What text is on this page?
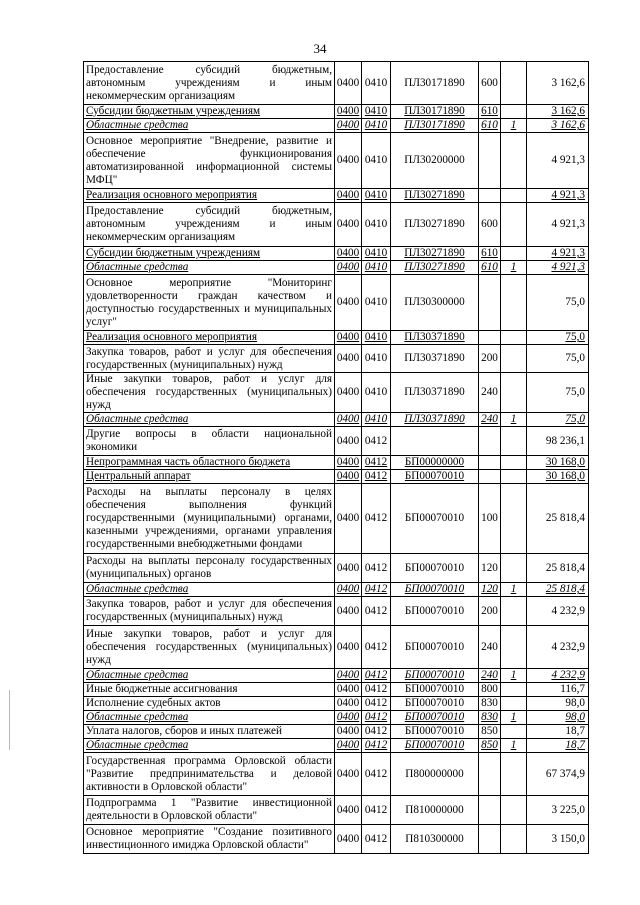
34
Предоставление субсидий бюджетным, автономным учреждениям и иным некоммерческим организациям	0400	0410	ПЛ30171890	600		3 162,6
Субсидии бюджетным учреждениям	0400	0410	ПЛ30171890	610		3 162,6
Областные средства	0400	0410	ПЛ30171890	610	1	3 162,6
Основное мероприятие "Внедрение, развитие и обеспечение функционирования автоматизированной информационной системы МФЦ"	0400	0410	ПЛ30200000			4 921,3
Реализация основного мероприятия	0400	0410	ПЛ30271890			4 921,3
Предоставление субсидий бюджетным, автономным учреждениям и иным некоммерческим организациям	0400	0410	ПЛ30271890	600		4 921,3
Субсидии бюджетным учреждениям	0400	0410	ПЛ30271890	610		4 921,3
Областные средства	0400	0410	ПЛ30271890	610	1	4 921,3
Основное мероприятие "Мониторинг удовлетворенности граждан качеством и доступностью государственных и муниципальных услуг"	0400	0410	ПЛ30300000			75,0
Реализация основного мероприятия	0400	0410	ПЛ30371890			75,0
Закупка товаров, работ и услуг для обеспечения государственных (муниципальных) нужд	0400	0410	ПЛ30371890	200		75,0
Иные закупки товаров, работ и услуг для обеспечения государственных (муниципальных) нужд	0400	0410	ПЛ30371890	240		75,0
Областные средства	0400	0410	ПЛ30371890	240	1	75,0
Другие вопросы в области национальной экономики	0400	0412				98 236,1
Непрограммная часть областного бюджета	0400	0412	БП00000000			30 168,0
Центральный аппарат	0400	0412	БП00070010			30 168,0
Расходы на выплаты персоналу в целях обеспечения выполнения функций государственными (муниципальными) органами, казенными учреждениями, органами управления государственными внебюджетными фондами	0400	0412	БП00070010	100		25 818,4
Расходы на выплаты персоналу государственных (муниципальных) органов	0400	0412	БП00070010	120		25 818,4
Областные средства	0400	0412	БП00070010	120	1	25 818,4
Закупка товаров, работ и услуг для обеспечения государственных (муниципальных) нужд	0400	0412	БП00070010	200		4 232,9
Иные закупки товаров, работ и услуг для обеспечения государственных (муниципальных) нужд	0400	0412	БП00070010	240		4 232,9
Областные средства	0400	0412	БП00070010	240	1	4 232,9
Иные бюджетные ассигнования	0400	0412	БП00070010	800		116,7
Исполнение судебных актов	0400	0412	БП00070010	830		98,0
Областные средства	0400	0412	БП00070010	830	1	98,0
Уплата налогов, сборов и иных платежей	0400	0412	БП00070010	850		18,7
Областные средства	0400	0412	БП00070010	850	1	18,7
Государственная программа Орловской области "Развитие предпринимательства и деловой активности в Орловской области"	0400	0412	П800000000			67 374,9
Подпрограмма 1 "Развитие инвестиционной деятельности в Орловской области"	0400	0412	П810000000			3 225,0
Основное мероприятие "Создание позитивного инвестиционного имиджа Орловской области"	0400	0412	П810300000			3 150,0
